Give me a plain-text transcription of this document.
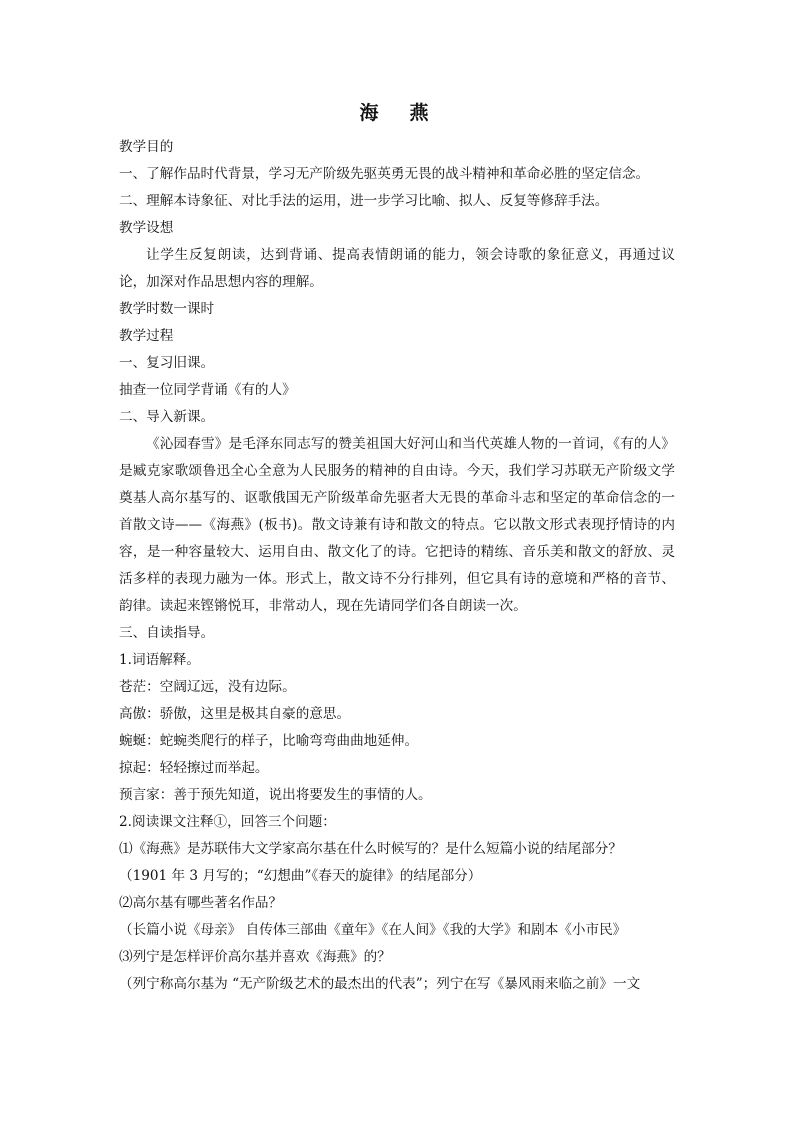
海　燕
教学目的
一、了解作品时代背景，学习无产阶级先驱英勇无畏的战斗精神和革命必胜的坚定信念。
二、理解本诗象征、对比手法的运用，进一步学习比喻、拟人、反复等修辞手法。
教学设想

让学生反复朗读，达到背诵、提高表情朗诵的能力，领会诗歌的象征意义，再通过议论，加深对作品思想内容的理解。

教学时数一课时
教学过程
一、复习旧课。
抽查一位同学背诵《有的人》
二、导入新课。

《沁园春雪》是毛泽东同志写的赞美祖国大好河山和当代英雄人物的一首词，《有的人》是臧克家歌颂鲁迅全心全意为人民服务的精神的自由诗。今天，我们学习苏联无产阶级文学奠基人高尔基写的、讴歌俄国无产阶级革命先驱者大无畏的革命斗志和坚定的革命信念的一首散文诗——《海燕》(板书)。散文诗兼有诗和散文的特点。它以散文形式表现抒情诗的内容，是一种容量较大、运用自由、散文化了的诗。它把诗的精练、音乐美和散文的舒放、灵活多样的表现力融为一体。形式上，散文诗不分行排列，但它具有诗的意境和严格的音节、韵律。读起来铿锵悦耳，非常动人，现在先请同学们各自朗读一次。

三、自读指导。
1.词语解释。
苍茫：空阔辽远，没有边际。
高傲：骄傲，这里是极其自豪的意思。
蜿蜒：蛇蜿类爬行的样子，比喻弯弯曲曲地延伸。
掠起：轻轻擦过而举起。
预言家：善于预先知道，说出将要发生的事情的人。
2.阅读课文注释①，回答三个问题：
⑴《海燕》是苏联伟大文学家高尔基在什么时候写的？是什么短篇小说的结尾部分？
（1901 年 3 月写的；“幻想曲”《春天的旋律》的结尾部分）
⑵高尔基有哪些著名作品？
（长篇小说《母亲》 自传体三部曲《童年》《在人间》《我的大学》和剧本《小市民》
⑶列宁是怎样评价高尔基并喜欢《海燕》的？
（列宁称高尔基为 “无产阶级艺术的最杰出的代表”；列宁在写《暴风雨来临之前》一文
